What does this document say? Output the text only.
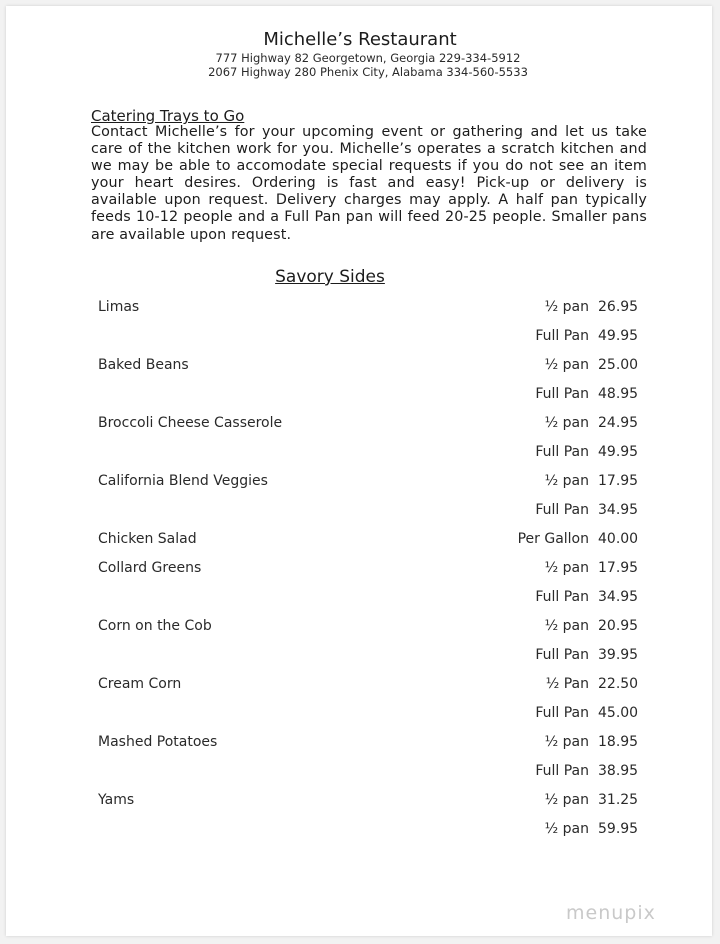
Michelle’s Restaurant
777 Highway 82 Georgetown, Georgia 229-334-5912
2067 Highway 280 Phenix City, Alabama 334-560-5533
Catering Trays to Go
Contact Michelle’s for your upcoming event or gathering and let us take care of the kitchen work for you. Michelle’s operates a scratch kitchen and we may be able to accomodate special requests if you do not see an item your heart desires. Ordering is fast and easy! Pick-up or delivery is available upon request. Delivery charges may apply. A half pan typically feeds 10-12 people and a Full Pan pan will feed 20-25 people. Smaller pans are available upon request.
Savory Sides
Limas	½ pan 26.95
Full Pan 49.95
Baked Beans	½ pan 25.00
Full Pan 48.95
Broccoli Cheese Casserole	½ pan 24.95
Full Pan 49.95
California Blend Veggies	½ pan 17.95
Full Pan 34.95
Chicken Salad	Per Gallon 40.00
Collard Greens	½ pan 17.95
Full Pan 34.95
Corn on the Cob	½ pan 20.95
Full Pan 39.95
Cream Corn	½ Pan 22.50
Full Pan 45.00
Mashed Potatoes	½ pan 18.95
Full Pan 38.95
Yams	½ pan 31.25
½ pan 59.95
menupix
